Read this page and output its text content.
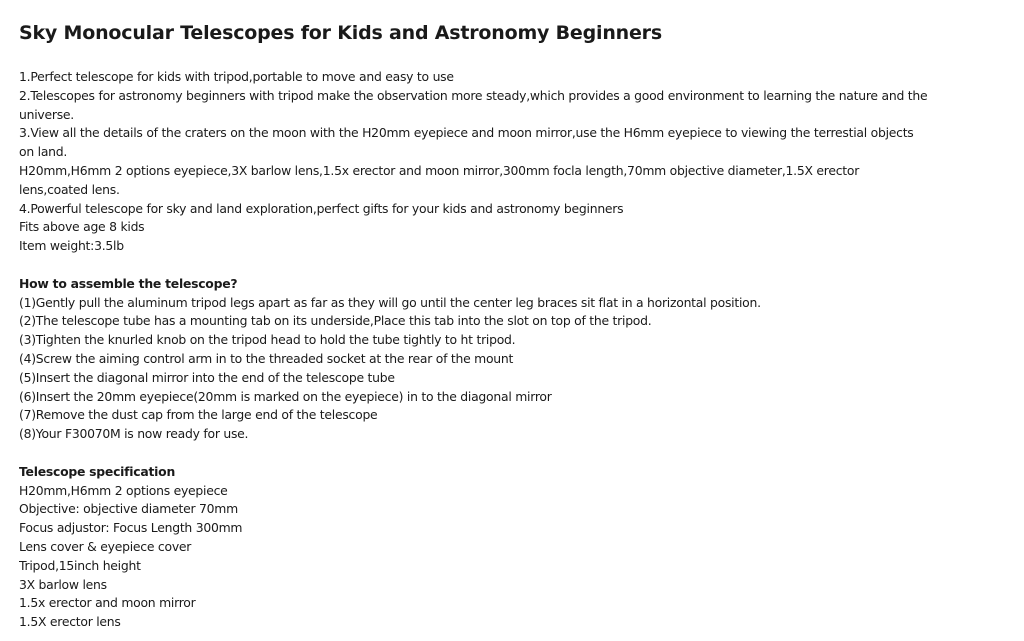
Sky Monocular Telescopes for Kids and Astronomy Beginners
1.Perfect telescope for kids with tripod,portable to move and easy to use
2.Telescopes for astronomy beginners with tripod make the observation more steady,which provides a good environment to learning the nature and the
universe.
3.View all the details of the craters on the moon with the H20mm eyepiece and moon mirror,use the H6mm eyepiece to viewing the terrestial objects
on land.
H20mm,H6mm 2 options eyepiece,3X barlow lens,1.5x erector and moon mirror,300mm focla length,70mm objective diameter,1.5X erector
lens,coated lens.
4.Powerful telescope for sky and land exploration,perfect gifts for your kids and astronomy beginners
Fits above age 8 kids
Item weight:3.5lb
How to assemble the telescope?
(1)Gently pull the aluminum tripod legs apart as far as they will go until the center leg braces sit flat in a horizontal position.
(2)The telescope tube has a mounting tab on its underside,Place this tab into the slot on top of the tripod.
(3)Tighten the knurled knob on the tripod head to hold the tube tightly to ht tripod.
(4)Screw the aiming control arm in to the threaded socket at the rear of the mount
(5)Insert the diagonal mirror into the end of the telescope tube
(6)Insert the 20mm eyepiece(20mm is marked on the eyepiece) in to the diagonal mirror
(7)Remove the dust cap from the large end of the telescope
(8)Your F30070M is now ready for use.
Telescope specification
H20mm,H6mm 2 options eyepiece
Objective: objective diameter 70mm
Focus adjustor: Focus Length 300mm
Lens cover & eyepiece cover
Tripod,15inch height
3X barlow lens
1.5x erector and moon mirror
1.5X erector lens
